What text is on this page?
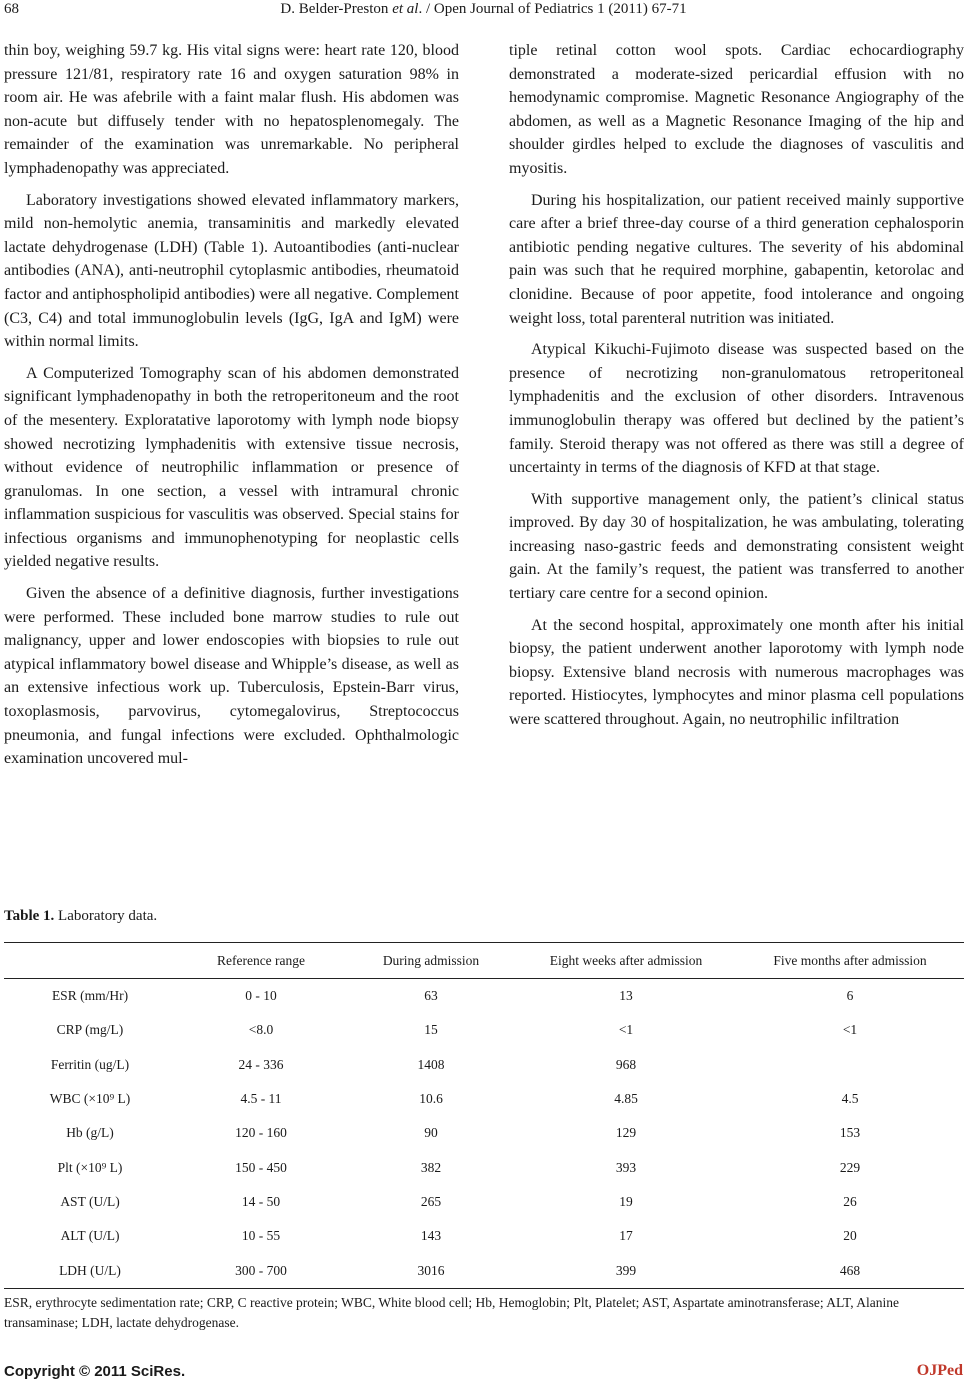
68	D. Belder-Preston et al. / Open Journal of Pediatrics 1 (2011) 67-71

thin boy, weighing 59.7 kg. His vital signs were: heart rate 120, blood pressure 121/81, respiratory rate 16 and oxygen saturation 98% in room air. He was afebrile with a faint malar flush. His abdomen was non-acute but diffusely tender with no hepatosplenomegaly. The remainder of the examination was unremarkable. No peripheral lymphadenopathy was appreciated.

Laboratory investigations showed elevated inflammatory markers, mild non-hemolytic anemia, transaminitis and markedly elevated lactate dehydrogenase (LDH) (Table 1). Autoantibodies (anti-nuclear antibodies (ANA), anti-neutrophil cytoplasmic antibodies, rheumatoid factor and antiphospholipid antibodies) were all negative. Complement (C3, C4) and total immunoglobulin levels (IgG, IgA and IgM) were within normal limits.

A Computerized Tomography scan of his abdomen demonstrated significant lymphadenopathy in both the retroperitoneum and the root of the mesentery. Exploratative laporotomy with lymph node biopsy showed necrotizing lymphadenitis with extensive tissue necrosis, without evidence of neutrophilic inflammation or presence of granulomas. In one section, a vessel with intramural chronic inflammation suspicious for vasculitis was observed. Special stains for infectious organisms and immunophenotyping for neoplastic cells yielded negative results.

Given the absence of a definitive diagnosis, further investigations were performed. These included bone marrow studies to rule out malignancy, upper and lower endoscopies with biopsies to rule out atypical inflammatory bowel disease and Whipple’s disease, as well as an extensive infectious work up. Tuberculosis, Epstein-Barr virus, toxoplasmosis, parvovirus, cytomegalovirus, Streptococcus pneumonia, and fungal infections were excluded. Ophthalmologic examination uncovered mul-

tiple retinal cotton wool spots. Cardiac echocardiography demonstrated a moderate-sized pericardial effusion with no hemodynamic compromise. Magnetic Resonance Angiography of the abdomen, as well as a Magnetic Resonance Imaging of the hip and shoulder girdles helped to exclude the diagnoses of vasculitis and myositis.

During his hospitalization, our patient received mainly supportive care after a brief three-day course of a third generation cephalosporin antibiotic pending negative cultures. The severity of his abdominal pain was such that he required morphine, gabapentin, ketorolac and clonidine. Because of poor appetite, food intolerance and ongoing weight loss, total parenteral nutrition was initiated.

Atypical Kikuchi-Fujimoto disease was suspected based on the presence of necrotizing non-granulomatous retroperitoneal lymphadenitis and the exclusion of other disorders. Intravenous immunoglobulin therapy was offered but declined by the patient’s family. Steroid therapy was not offered as there was still a degree of uncertainty in terms of the diagnosis of KFD at that stage.

With supportive management only, the patient’s clinical status improved. By day 30 of hospitalization, he was ambulating, tolerating increasing naso-gastric feeds and demonstrating consistent weight gain. At the family’s request, the patient was transferred to another tertiary care centre for a second opinion.

At the second hospital, approximately one month after his initial biopsy, the patient underwent another laporotomy with lymph node biopsy. Extensive bland necrosis with numerous macrophages was reported. Histiocytes, lymphocytes and minor plasma cell populations were scattered throughout. Again, no neutrophilic infiltration

Table 1. Laboratory data.
	Reference range	During admission	Eight weeks after admission	Five months after admission
ESR (mm/Hr)	0 - 10	63	13	6
CRP (mg/L)	<8.0	15	<1	<1
Ferritin (ug/L)	24 - 336	1408	968	
WBC (×10⁹ L)	4.5 - 11	10.6	4.85	4.5
Hb (g/L)	120 - 160	90	129	153
Plt (×10⁹ L)	150 - 450	382	393	229
AST (U/L)	14 - 50	265	19	26
ALT (U/L)	10 - 55	143	17	20
LDH (U/L)	300 - 700	3016	399	468
ESR, erythrocyte sedimentation rate; CRP, C reactive protein; WBC, White blood cell; Hb, Hemoglobin; Plt, Platelet; AST, Aspartate aminotransferase; ALT, Alanine transaminase; LDH, lactate dehydrogenase.
Copyright © 2011 SciRes.	OJPed
